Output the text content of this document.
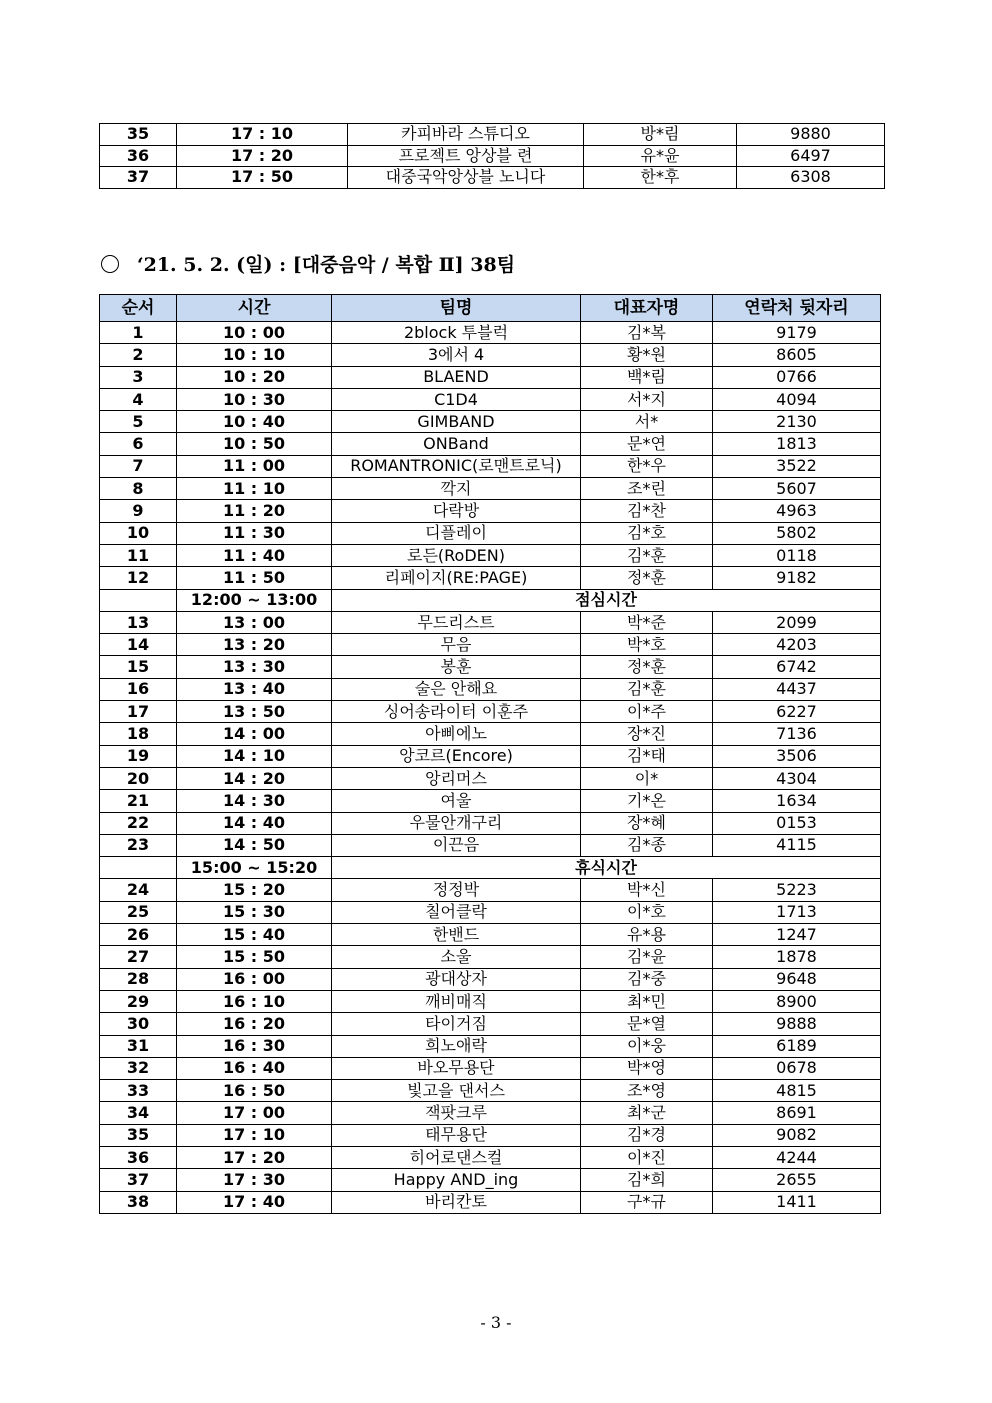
35	17 : 10	카피바라 스튜디오	방*림	9880
36	17 : 20	프로젝트 앙상블 련	유*윤	6497
37	17 : 50	대중국악앙상블 노니다	한*후	6308
‘21. 5. 2. (일) : [대중음악 / 복합 Ⅱ] 38팀
순서	시간	팀명	대표자명	연락처 뒷자리
1	10 : 00	2block 투블럭	김*복	9179
2	10 : 10	3에서 4	황*원	8605
3	10 : 20	BLAEND	백*림	0766
4	10 : 30	C1D4	서*지	4094
5	10 : 40	GIMBAND	서*	2130
6	10 : 50	ONBand	문*연	1813
7	11 : 00	ROMANTRONIC(로맨트로닉)	한*우	3522
8	11 : 10	깍지	조*린	5607
9	11 : 20	다락방	김*찬	4963
10	11 : 30	디플레이	김*호	5802
11	11 : 40	로든(RoDEN)	김*훈	0118
12	11 : 50	리페이지(RE:PAGE)	정*훈	9182
	12:00 ~ 13:00	점심시간		
13	13 : 00	무드리스트	박*준	2099
14	13 : 20	무음	박*호	4203
15	13 : 30	봉훈	정*훈	6742
16	13 : 40	술은 안해요	김*훈	4437
17	13 : 50	싱어송라이터 이훈주	이*주	6227
18	14 : 00	아삐에노	장*진	7136
19	14 : 10	앙코르(Encore)	김*태	3506
20	14 : 20	앙리머스	이*	4304
21	14 : 30	여울	기*온	1634
22	14 : 40	우물안개구리	장*혜	0153
23	14 : 50	이끈음	김*종	4115
	15:00 ~ 15:20	휴식시간		
24	15 : 20	정정박	박*신	5223
25	15 : 30	칠어클락	이*호	1713
26	15 : 40	한밴드	유*용	1247
27	15 : 50	소울	김*윤	1878
28	16 : 00	광대상자	김*중	9648
29	16 : 10	깨비매직	최*민	8900
30	16 : 20	타이거짐	문*열	9888
31	16 : 30	희노애락	이*웅	6189
32	16 : 40	바오무용단	박*영	0678
33	16 : 50	빛고을 댄서스	조*영	4815
34	17 : 00	잭팟크루	최*군	8691
35	17 : 10	태무용단	김*경	9082
36	17 : 20	히어로댄스컬	이*진	4244
37	17 : 30	Happy AND_ing	김*희	2655
38	17 : 40	바리칸토	구*규	1411
- 3 -
